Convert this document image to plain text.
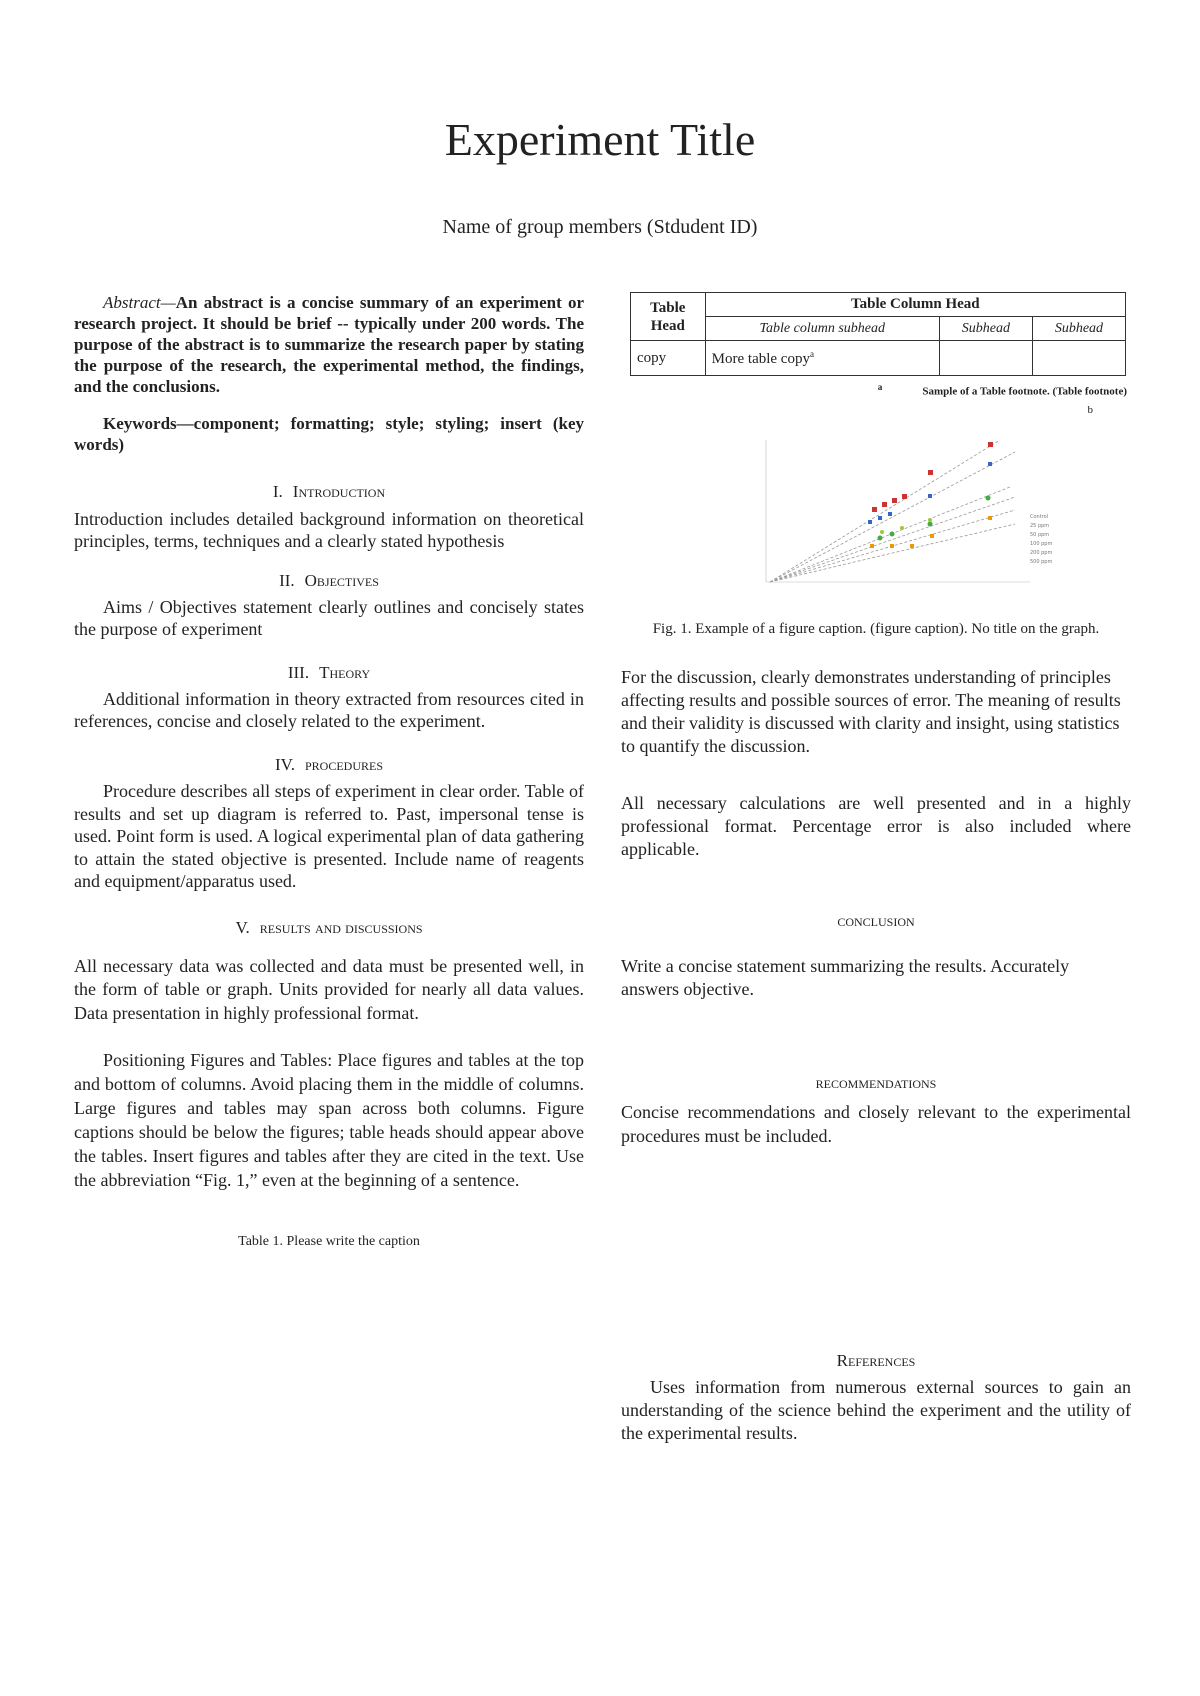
Experiment Title
Name of group members (Stdudent ID)

Abstract—An abstract is a concise summary of an experiment or research project. It should be brief -- typically under 200 words. The purpose of the abstract is to summarize the research paper by stating the purpose of the research, the experimental method, the findings, and the conclusions.

Keywords—component; formatting; style; styling; insert (key words)

I. Introduction

Introduction includes detailed background information on theoretical principles, terms, techniques and a clearly stated hypothesis

II. Objectives

Aims / Objectives statement clearly outlines and concisely states the purpose of experiment

III. Theory

Additional information in theory extracted from resources cited in references, concise and closely related to the experiment.

IV. procedures

Procedure describes all steps of experiment in clear order. Table of results and set up diagram is referred to. Past, impersonal tense is used. Point form is used. A logical experimental plan of data gathering to attain the stated objective is presented. Include name of reagents and equipment/apparatus used.

V. results and discussions

All necessary data was collected and data must be presented well, in the form of table or graph. Units provided for nearly all data values. Data presentation in highly professional format.

Positioning Figures and Tables: Place figures and tables at the top and bottom of columns. Avoid placing them in the middle of columns. Large figures and tables may span across both columns. Figure captions should be below the figures; table heads should appear above the tables. Insert figures and tables after they are cited in the text. Use the abbreviation “Fig. 1,” even at the beginning of a sentence.

Table 1. Please write the caption
Table Head	Table Column Head		
	Table column subhead	Subhead	Subhead
copy	More table copy$^a$		
$^a$	Sample of a Table footnote. (Table footnote)
b
Control
25 ppm
50 ppm
100 ppm
200 ppm
500 ppm
Fig. 1. Example of a figure caption. (figure caption). No title on the graph.

For the discussion, clearly demonstrates understanding of principles affecting results and possible sources of error. The meaning of results and their validity is discussed with clarity and insight, using statistics to quantify the discussion.

All necessary calculations are well presented and in a highly professional format. Percentage error is also included where applicable.

conclusion

Write a concise statement summarizing the results. Accurately answers objective.

recommendations

Concise recommendations and closely relevant to the experimental procedures must be included.

References

Uses information from numerous external sources to gain an understanding of the science behind the experiment and the utility of the experimental results.
